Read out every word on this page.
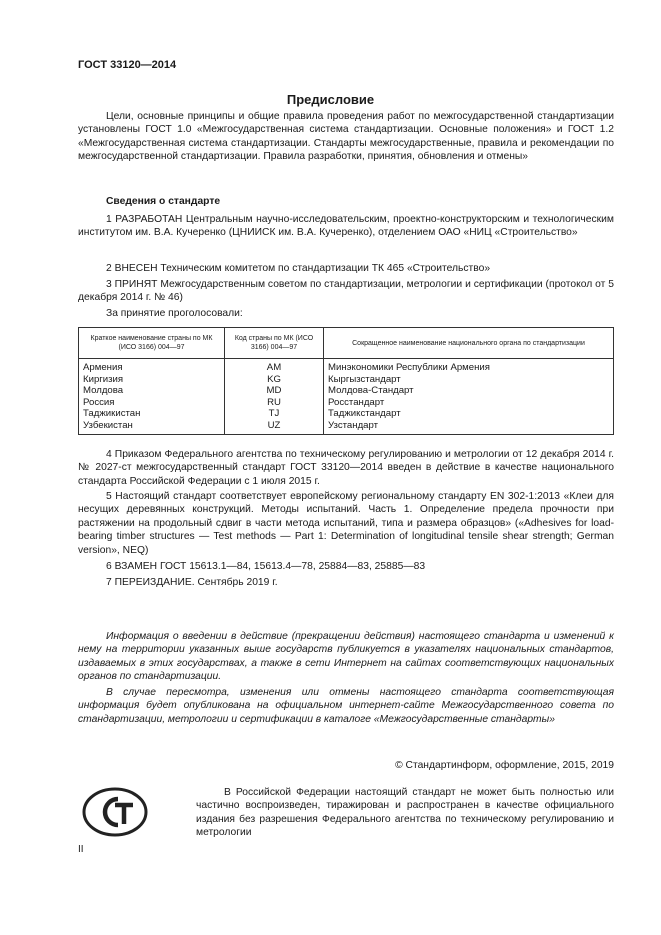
ГОСТ 33120—2014
Предисловие

Цели, основные принципы и общие правила проведения работ по межгосударственной стандартизации установлены ГОСТ 1.0 «Межгосударственная система стандартизации. Основные положения» и ГОСТ 1.2 «Межгосударственная система стандартизации. Стандарты межгосударственные, правила и рекомендации по межгосударственной стандартизации. Правила разработки, принятия, обновления и отмены»

Сведения о стандарте

1 РАЗРАБОТАН Центральным научно-исследовательским, проектно-конструкторским и технологическим институтом им. В.А. Кучеренко (ЦНИИСК им. В.А. Кучеренко), отделением ОАО «НИЦ «Строительство»

2 ВНЕСЕН Техническим комитетом по стандартизации ТК 465 «Строительство»

3 ПРИНЯТ Межгосударственным советом по стандартизации, метрологии и сертификации (протокол от 5 декабря 2014 г. № 46)

За принятие проголосовали:

Краткое наименование страны по МК (ИСО 3166) 004—97	Код страны по МК (ИСО 3166) 004—97	Сокращенное наименование национального органа по стандартизации
Армения	AM	Минэкономики Республики Армения
Киргизия	KG	Кыргызстандарт
Молдова	MD	Молдова-Стандарт
Россия	RU	Росстандарт
Таджикистан	TJ	Таджикстандарт
Узбекистан	UZ	Узстандарт

4 Приказом Федерального агентства по техническому регулированию и метрологии от 12 декабря 2014 г. № 2027-ст межгосударственный стандарт ГОСТ 33120—2014 введен в действие в качестве национального стандарта Российской Федерации с 1 июля 2015 г.

5 Настоящий стандарт соответствует европейскому региональному стандарту EN 302-1:2013 «Клеи для несущих деревянных конструкций. Методы испытаний. Часть 1. Определение предела прочности при растяжении на продольный сдвиг в части метода испытаний, типа и размера образцов» («Adhesives for load-bearing timber structures — Test methods — Part 1: Determination of longitudinal tensile shear strength; German version», NEQ)

6 ВЗАМЕН ГОСТ 15613.1—84, 15613.4—78, 25884—83, 25885—83

7 ПЕРЕИЗДАНИЕ. Сентябрь 2019 г.

Информация о введении в действие (прекращении действия) настоящего стандарта и изменений к нему на территории указанных выше государств публикуется в указателях национальных стандартов, издаваемых в этих государствах, а также в сети Интернет на сайтах соответствующих национальных органов по стандартизации.

В случае пересмотра, изменения или отмены настоящего стандарта соответствующая информация будет опубликована на официальном интернет-сайте Межгосударственного совета по стандартизации, метрологии и сертификации в каталоге «Межгосударственные стандарты»

© Стандартинформ, оформление, 2015, 2019

В Российской Федерации настоящий стандарт не может быть полностью или частично воспроизведен, тиражирован и распространен в качестве официального издания без разрешения Федерального агентства по техническому регулированию и метрологии

II
